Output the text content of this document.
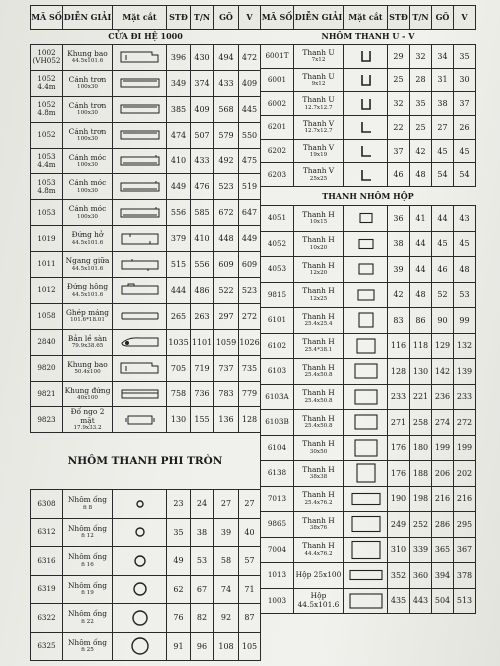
MÃ SỐ	DIỄN GIẢI	Mặt cắt	STĐ	T/N	GÕ	V
CỬA ĐI HỆ 1000						
1002 (VH052	Khung bao
44.5x101.6		396	430	494	472
1052 4.4m	Cánh trơn
100x30		349	374	433	409
1052 4.8m	Cánh trơn
100x30		385	409	568	445
1052	Cánh trơn
100x30		474	507	579	550
1053 4.4m	Cánh móc
100x30		410	433	492	475
1053 4.8m	Cánh móc
100x30		449	476	523	519
1053	Cánh móc
100x30		556	585	672	647
1019	Đứng hở
44.5x101.6		379	410	448	449
1011	Ngang giữa
44.5x101.6		515	556	609	609
1012	Đứng hông
44.5x101.6		444	486	522	523
1058	Ghép máng
101.6*18.01		265	263	297	272
2840	Bản lề sàn
79.9x38.65		1035	1101	1059	1026
9820	Khung bao
50.4x100		705	719	737	735
9821	Khung đứng
40x100		758	736	783	779
9823	Đố ngo 2 mặt
17.9x33.2		130	155	136	128
MÃ SỐ	DIỄN GIẢI	Mặt cắt	STĐ	T/N	GÕ	V
NHÔM THANH U - V						
6001T	Thanh U
7x12		29	32	34	35
6001	Thanh U
9x12		25	28	31	30
6002	Thanh U
12.7x12.7		32	35	38	37
6201	Thanh V
12.7x12.7		22	25	27	26
6202	Thanh V
19x19		37	42	45	45
6203	Thanh V
25x25		46	48	54	54
THANH NHÔM HỘP						
4051	Thanh H
10x15		36	41	44	43
4052	Thanh H
10x20		38	44	45	45
4053	Thanh H
12x20		39	44	46	48
9815	Thanh H
12x25		42	48	52	53
6101	Thanh H
25.4x25.4		83	86	90	99
6102	Thanh H
25.4*38.1		116	118	129	132
6103	Thanh H
25.4x50.8		128	130	142	139
6103A	Thanh H
25.4x50.8		233	221	236	233
6103B	Thanh H
25.4x50.8		271	258	274	272
6104	Thanh H
30x50		176	180	199	199
6138	Thanh H
38x38		176	188	206	202
7013	Thanh H
25.4x76.2		190	198	216	216
9865	Thanh H
38x76		249	252	286	295
7004	Thanh H
44.4x76.2		310	339	365	367
1013	Hộp 25x100		352	360	394	378
1003	Hộp 44.5x101.6		435	443	504	513
NHÔM THANH PHI TRÒN
6308	Nhôm ống
fi 8		23	24	27	27
6312	Nhôm ống
fi 12		35	38	39	40
6316	Nhôm ống
fi 16		49	53	58	57
6319	Nhôm ống
fi 19		62	67	74	71
6322	Nhôm ống
fi 22		76	82	92	87
6325	Nhôm ống
fi 25		91	96	108	105
